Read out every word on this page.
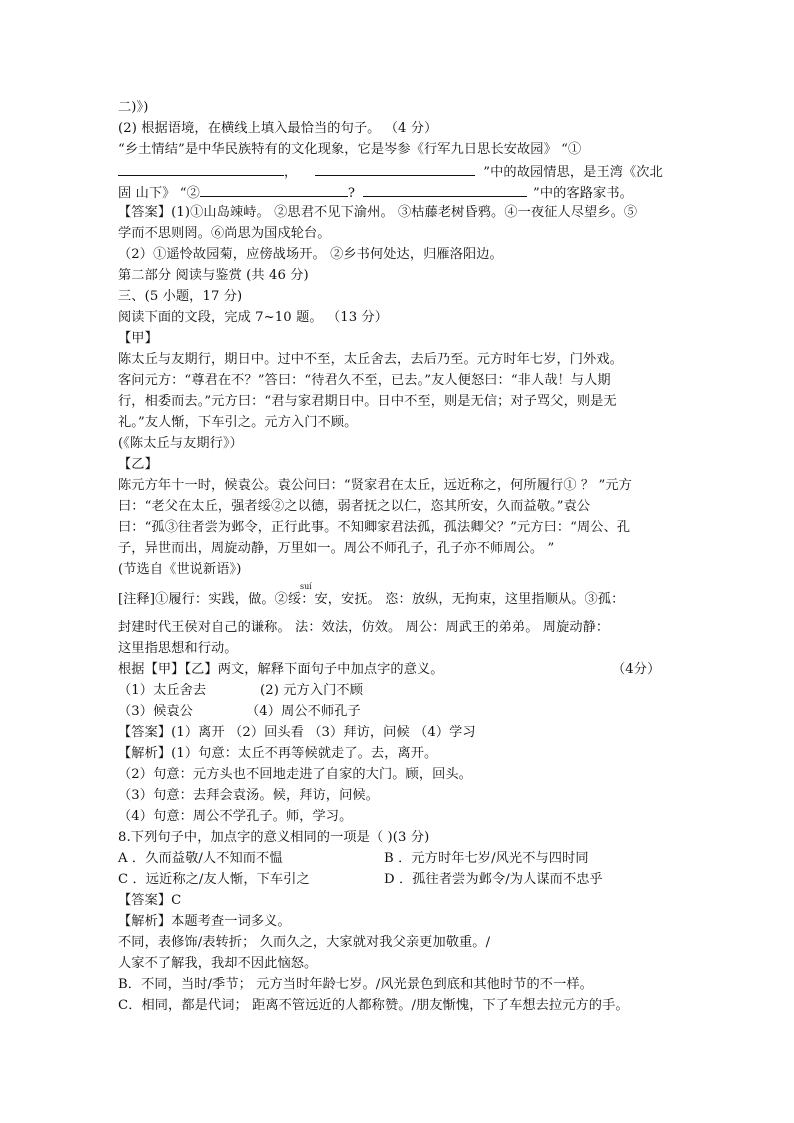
二)》)
(2) 根据语境，在横线上填入最恰当的句子。 （4 分）
“乡土情结”是中华民族特有的文化现象，它是岑参《行军九日思长安故园》 “①
，	”中的故园情思，是王湾《次北
固 山下》 “②	?	”中的客路家书。
【答案】(1)①山岛竦峙。 ②思君不见下渝州。 ③枯藤老树昏鸦。④一夜征人尽望乡。⑤
学而不思则罔。⑥尚思为国戍轮台。
（2）①遥怜故园菊，应傍战场开。 ②乡书何处达，归雁洛阳边。
第二部分 阅读与鉴赏 (共 46 分)
三、(5 小题，17 分)
阅读下面的文段，完成 7~10 题。 （13 分）
【甲】
陈太丘与友期行，期日中。过中不至，太丘舍去，去后乃至。元方时年七岁，门外戏。
客问元方：“尊君在不？”答曰：“待君久不至，已去。”友人便怒曰：“非人哉！与人期
行，相委而去。”元方曰：“君与家君期日中。日中不至，则是无信；对子骂父，则是无
礼。”友人惭，下车引之。元方入门不顾。
(《陈太丘与友期行》）
【乙】
陈元方年十一时，候袁公。袁公问曰：“贤家君在太丘，远近称之，何所履行① ？ ”元方
曰：“老父在太丘，强者绥②之以德，弱者抚之以仁，恣其所安，久而益敬。”袁公
曰：“孤③往者尝为邺令，正行此事。不知卿家君法孤，孤法卿父？”元方曰：“周公、孔
子，异世而出，周旋动静，万里如一。周公不师孔子，孔子亦不师周公。 ”
(节选自《世说新语》)
suí
[注释]①履行：实践，做。②绥：安，安抚。 恣：放纵，无拘束，这里指顺从。③孤：
封建时代王侯对自己的谦称。 法：效法，仿效。 周公：周武王的弟弟。 周旋动静：
这里指思想和行动。
根据【甲】【乙】两文，解释下面句子中加点字的意义。	（4分）
（1）太丘舍去	(2) 元方入门不顾
（3）候袁公	（4）周公不师孔子
【答案】(1）离开 （2）回头看 （3）拜访，问候 （4）学习
【解析】(1）句意：太丘不再等候就走了。去，离开。
（2）句意：元方头也不回地走进了自家的大门。顾，回头。
（3）句意：去拜会袁汤。候，拜访，问候。
（4）句意：周公不学孔子。师，学习。
8.下列句子中，加点字的意义相同的一项是（ )(3 分)
A ．久而益敬/人不知而不愠	B ．元方时年七岁/风光不与四时同
C ．远近称之/友人惭，下车引之	D ．孤往者尝为邺令/为人谋而不忠乎
【答案】C
【解析】本题考查一词多义。
不同，表修饰/表转折； 久而久之，大家就对我父亲更加敬重。/
人家不了解我，我却不因此恼怒。
B．不同，当时/季节； 元方当时年龄七岁。/风光景色到底和其他时节的不一样。
C．相同，都是代词； 距离不管远近的人都称赞。/朋友惭愧，下了车想去拉元方的手。
